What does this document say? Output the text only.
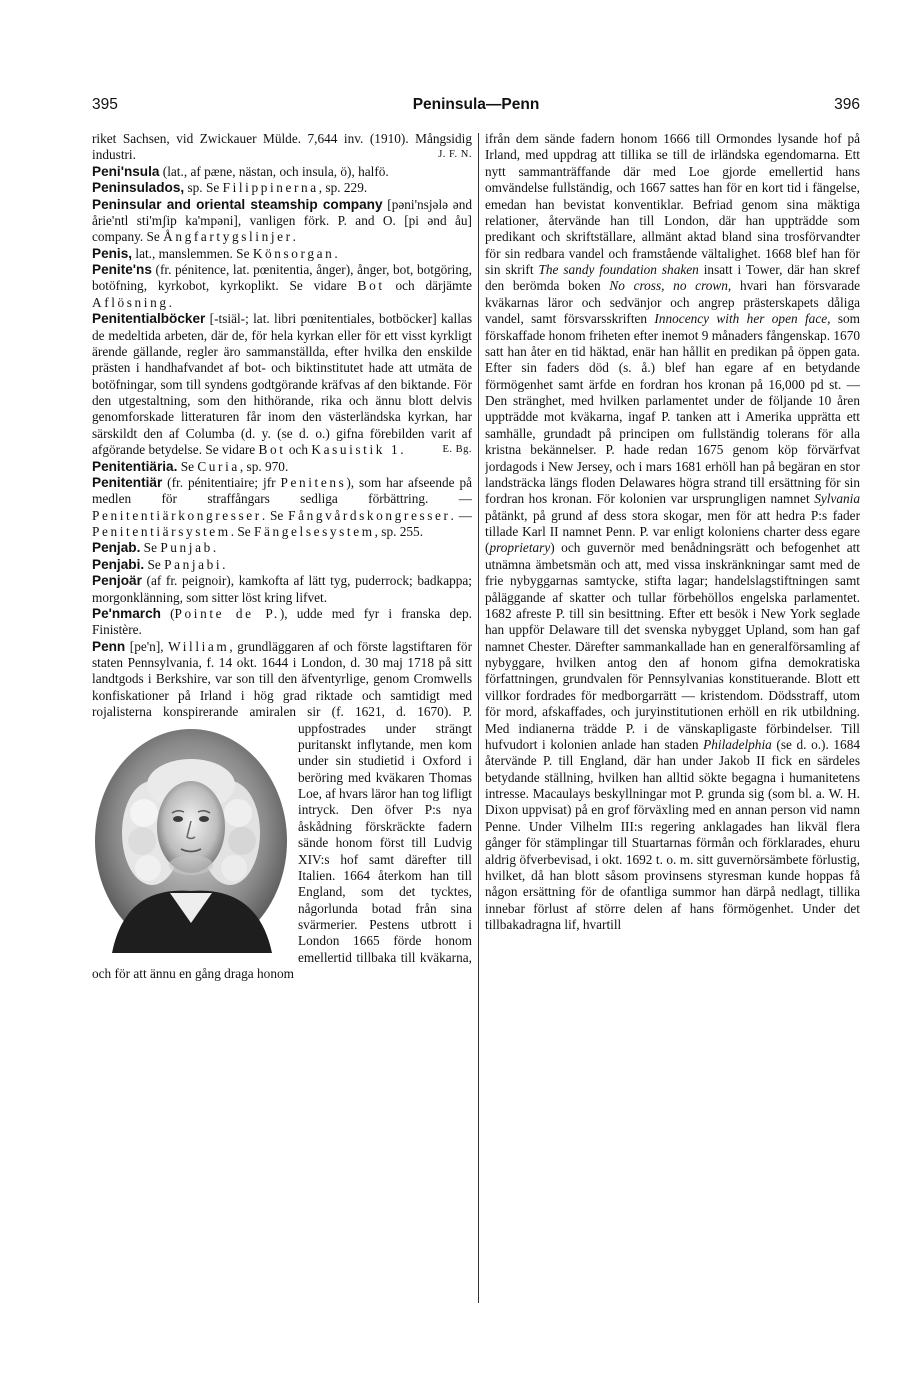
395	Peninsula—Penn	396

riket Sachsen, vid Zwickauer Mülde. 7,644 inv. (1910). Mångsidig industri.	J. F. N.

Peni'nsula (lat., af pæne, nästan, och insula, ö), halfö.

Peninsulados, sp. Se Filippinerna, sp. 229.

Peninsular and oriental steamship company [pəni'nsjələ ənd årie'ntl sti'mʃip ka'mpəni], vanligen förk. P. and O. [pi ənd åu] company. Se Ångfartygslinjer.

Penis, lat., manslemmen. Se Könsorgan.

Penite'ns (fr. pénitence, lat. pœnitentia, ånger), ånger, bot, botgöring, botöfning, kyrkobot, kyrkoplikt. Se vidare Bot och därjämte Aflösning.

Penitentialböcker [-tsiäl-; lat. libri pœnitentiales, botböcker] kallas de medeltida arbeten, där de, för hela kyrkan eller för ett visst kyrkligt ärende gällande, regler äro sammanställda, efter hvilka den enskilde prästen i handhafvandet af bot- och biktinstitutet hade att utmäta de botöfningar, som till syndens godtgörande kräfvas af den biktande. För den utgestaltning, som den hithörande, rika och ännu blott delvis genomforskade litteraturen får inom den västerländska kyrkan, har särskildt den af Columba (d. y. (se d. o.) gifna förebilden varit af afgörande betydelse. Se vidare Bot och Kasuistik 1.	E. Bg.

Penitentiäria. Se Curia, sp. 970.

Penitentiär (fr. pénitentiaire; jfr Penitens), som har afseende på medlen för straffångars sedliga förbättring. — Penitentiärkongresser. Se Fångvårdskongresser. — Penitentiärsystem. Se Fängelsesystem, sp. 255.

Penjab. Se Punjab.

Penjabi. Se Panjabi.

Penjoär (af fr. peignoir), kamkofta af lätt tyg, puderrock; badkappa; morgonklänning, som sitter löst kring lifvet.

Pe'nmarch (Pointe de P.), udde med fyr i franska dep. Finistère.

Penn [pe'n], William, grundläggaren af och förste lagstiftaren för staten Pennsylvania, f. 14 okt. 1644 i London, d. 30 maj 1718 på sitt landtgods i Berkshire, var son till den äfventyrlige, genom Cromwells konfiskationer på Irland i hög grad riktade och samtidigt med rojalisterna konspirerande amiralen sir
(f. 1621, d. 1670). P. uppfostrades under strängt puritanskt inflytande, men kom under sin studietid i Oxford i beröring med kväkaren Thomas Loe, af hvars läror han tog lifligt intryck. Den öfver P:s nya åskådning förskräckte fadern sände honom först till Ludvig XIV:s hof samt därefter till Italien. 1664 återkom han till England, som det tycktes, någorlunda botad från sina svärmerier. Pestens utbrott i London 1665 förde honom emellertid tillbaka till kväkarna, och för att ännu en gång draga honom

ifrån dem sände fadern honom 1666 till Ormondes lysande hof på Irland, med uppdrag att tillika se till de irländska egendomarna. Ett nytt sammanträffande där med Loe gjorde emellertid hans omvändelse fullständig, och 1667 sattes han för en kort tid i fängelse, emedan han bevistat konventiklar. Befriad genom sina mäktiga relationer, återvände han till London, där han uppträdde som predikant och skriftställare, allmänt aktad bland sina trosförvandter för sin redbara vandel och framstående vältalighet. 1668 blef han för sin skrift The sandy foundation shaken insatt i Tower, där han skref den berömda boken No cross, no crown, hvari han försvarade kväkarnas läror och sedvänjor och angrep prästerskapets dåliga vandel, samt försvarsskriften Innocency with her open face, som förskaffade honom friheten efter inemot 9 månaders fångenskap. 1670 satt han åter en tid häktad, enär han hållit en predikan på öppen gata. Efter sin faders död (s. å.) blef han egare af en betydande förmögenhet samt ärfde en fordran hos kronan på 16,000 pd st. — Den stränghet, med hvilken parlamentet under de följande 10 åren uppträdde mot kväkarna, ingaf P. tanken att i Amerika upprätta ett samhälle, grundadt på principen om fullständig tolerans för alla kristna bekännelser. P. hade redan 1675 genom köp förvärfvat jordagods i New Jersey, och i mars 1681 erhöll han på begäran en stor landsträcka längs floden Delawares högra strand till ersättning för sin fordran hos kronan. För kolonien var ursprungligen namnet Sylvania påtänkt, på grund af dess stora skogar, men för att hedra P:s fader tillade Karl II namnet Penn. P. var enligt koloniens charter dess egare (proprietary) och guvernör med benådningsrätt och befogenhet att utnämna ämbetsmän och att, med vissa inskränkningar samt med de frie nybyggarnas samtycke, stifta lagar; handelslagstiftningen samt påläggande af skatter och tullar förbehöllos engelska parlamentet. 1682 afreste P. till sin besittning. Efter ett besök i New York seglade han uppför Delaware till det svenska nybygget Upland, som han gaf namnet Chester. Därefter sammankallade han en generalförsamling af nybyggare, hvilken antog den af honom gifna demokratiska författningen, grundvalen för Pennsylvanias konstituerande. Blott ett villkor fordrades för medborgarrätt — kristendom. Dödsstraff, utom för mord, afskaffades, och juryinstitutionen erhöll en rik utbildning. Med indianerna trädde P. i de vänskapligaste förbindelser. Till hufvudort i kolonien anlade han staden Philadelphia (se d. o.). 1684 återvände P. till England, där han under Jakob II fick en särdeles betydande ställning, hvilken han alltid sökte begagna i humanitetens intresse. Macaulays beskyllningar mot P. grunda sig (som bl. a. W. H. Dixon uppvisat) på en grof förväxling med en annan person vid namn Penne. Under Vilhelm III:s regering anklagades han likväl flera gånger för stämplingar till Stuartarnas förmån och förklarades, ehuru aldrig öfverbevisad, i okt. 1692 t. o. m. sitt guvernörsämbete förlustig, hvilket, då han blott såsom provinsens styresman kunde hoppas få någon ersättning för de ofantliga summor han därpå nedlagt, tillika innebar förlust af större delen af hans förmögenhet. Under det tillbakadragna lif, hvartill
